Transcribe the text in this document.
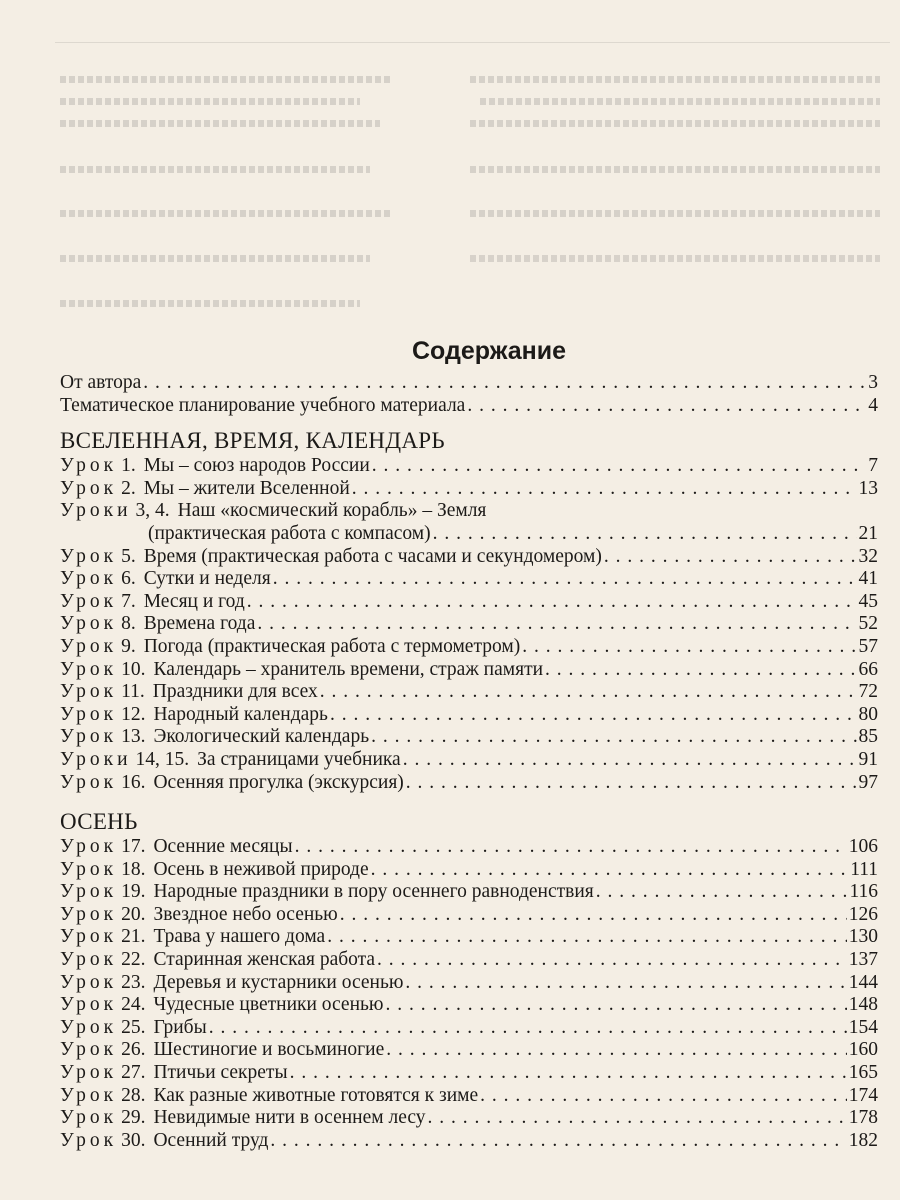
Содержание
От автора . . .	3
Тематическое планирование учебного материала . . .	4
ВСЕЛЕННАЯ, ВРЕМЯ, КАЛЕНДАРЬ
Урок 1. Мы – союз народов России . . .	7
Урок 2. Мы – жители Вселенной . . .	13
Уроки 3, 4. Наш «космический корабль» – Земля
(практическая работа с компасом) . . .	21
Урок 5. Время (практическая работа с часами и секундомером) . . .	32
Урок 6. Сутки и неделя . . .	41
Урок 7. Месяц и год . . .	45
Урок 8. Времена года . . .	52
Урок 9. Погода (практическая работа с термометром) . . .	57
Урок 10. Календарь – хранитель времени, страж памяти . . .	66
Урок 11. Праздники для всех . . .	72
Урок 12. Народный календарь . . .	80
Урок 13. Экологический календарь . . .	85
Уроки 14, 15. За страницами учебника . . .	91
Урок 16. Осенняя прогулка (экскурсия) . . .	97
ОСЕНЬ
Урок 17. Осенние месяцы . . .	106
Урок 18. Осень в неживой природе . . .	111
Урок 19. Народные праздники в пору осеннего равноденствия . . .	116
Урок 20. Звездное небо осенью . . .	126
Урок 21. Трава у нашего дома . . .	130
Урок 22. Старинная женская работа . . .	137
Урок 23. Деревья и кустарники осенью . . .	144
Урок 24. Чудесные цветники осенью . . .	148
Урок 25. Грибы . . .	154
Урок 26. Шестиногие и восьминогие . . .	160
Урок 27. Птичьи секреты . . .	165
Урок 28. Как разные животные готовятся к зиме . . .	174
Урок 29. Невидимые нити в осеннем лесу . . .	178
Урок 30. Осенний труд . . .	182
